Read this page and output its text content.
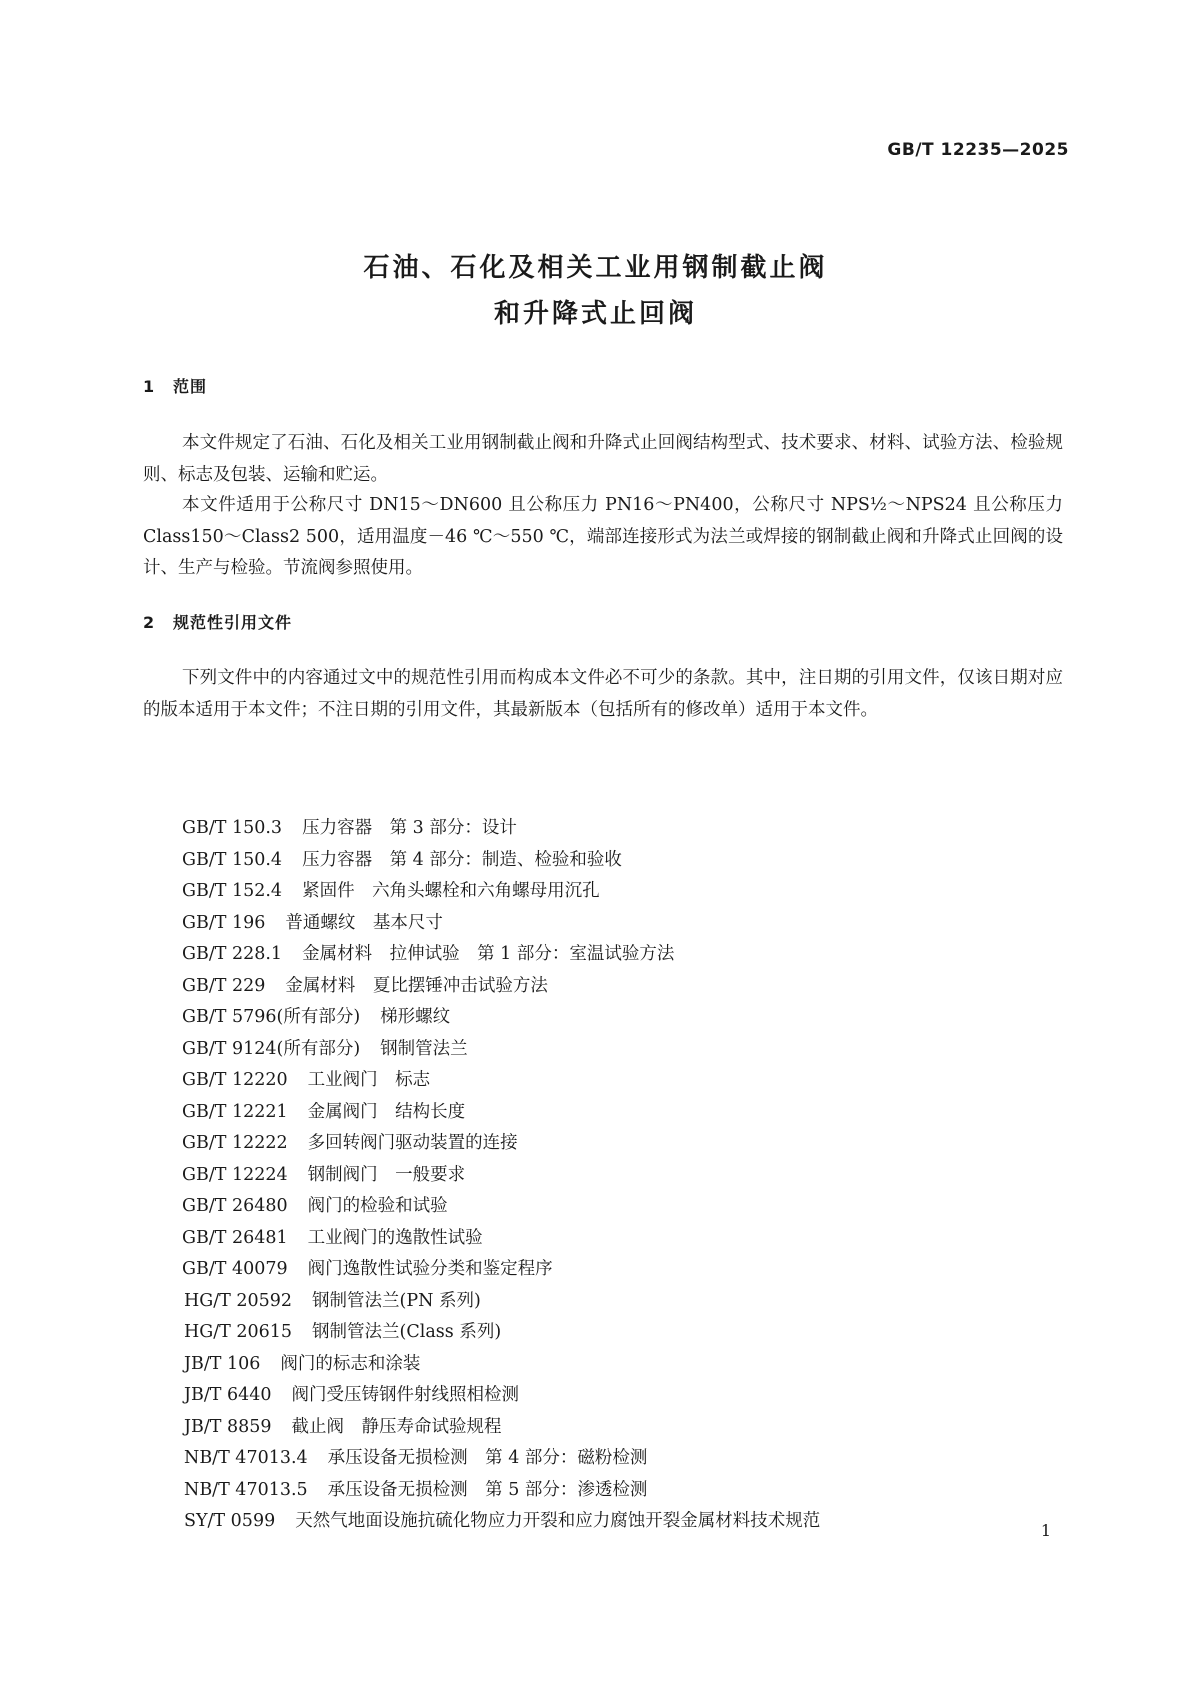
GB/T 12235—2025
石油、石化及相关工业用钢制截止阀
和升降式止回阀
1 范围

本文件规定了石油、石化及相关工业用钢制截止阀和升降式止回阀结构型式、技术要求、材料、试验方法、检验规则、标志及包装、运输和贮运。

本文件适用于公称尺寸 DN15～DN600 且公称压力 PN16～PN400，公称尺寸 NPS½～NPS24 且公称压力 Class150～Class2 500，适用温度－46 ℃～550 ℃，端部连接形式为法兰或焊接的钢制截止阀和升降式止回阀的设计、生产与检验。节流阀参照使用。

2 规范性引用文件

下列文件中的内容通过文中的规范性引用而构成本文件必不可少的条款。其中，注日期的引用文件，仅该日期对应的版本适用于本文件；不注日期的引用文件，其最新版本（包括所有的修改单）适用于本文件。

GB/T 150.3 压力容器　第 3 部分：设计
GB/T 150.4 压力容器　第 4 部分：制造、检验和验收
GB/T 152.4 紧固件　六角头螺栓和六角螺母用沉孔
GB/T 196 普通螺纹　基本尺寸
GB/T 228.1 金属材料　拉伸试验　第 1 部分：室温试验方法
GB/T 229 金属材料　夏比摆锤冲击试验方法
GB/T 5796(所有部分) 梯形螺纹
GB/T 9124(所有部分) 钢制管法兰
GB/T 12220 工业阀门　标志
GB/T 12221 金属阀门　结构长度
GB/T 12222 多回转阀门驱动装置的连接
GB/T 12224 钢制阀门　一般要求
GB/T 26480 阀门的检验和试验
GB/T 26481 工业阀门的逸散性试验
GB/T 40079 阀门逸散性试验分类和鉴定程序
HG/T 20592 钢制管法兰(PN 系列)
HG/T 20615 钢制管法兰(Class 系列)
JB/T 106 阀门的标志和涂装
JB/T 6440 阀门受压铸钢件射线照相检测
JB/T 8859 截止阀　静压寿命试验规程
NB/T 47013.4 承压设备无损检测　第 4 部分：磁粉检测
NB/T 47013.5 承压设备无损检测　第 5 部分：渗透检测
SY/T 0599 天然气地面设施抗硫化物应力开裂和应力腐蚀开裂金属材料技术规范	1
